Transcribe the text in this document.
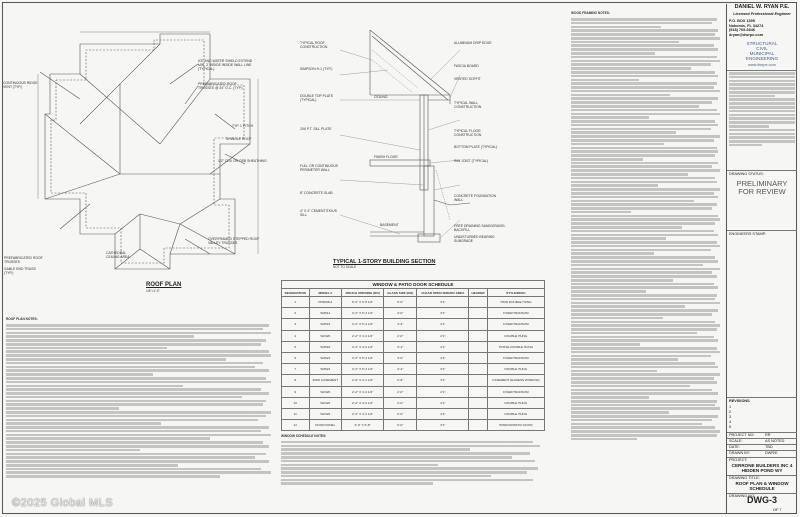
CONTINUOUS RIDGE VENT (TYP.)
ICE AND WATER SHIELD EXTEND MIN. 2' INSIDE INSIDE WALL LINE (TYPICAL)
PREFABRICATED ROOF TRUSSES @ 24" O.C. (TYP.)
TYP. 1 PITCH
SHINGLE ROOF
PREFABRICATED ROOF TRUSSES
GABLE END TRUSS (TYP.)
CATHEDRAL CEILING AREA
OVERFRAMED STEPPED ROOF VALLEY TRUSSES
1/2" CDX OR OSB SHEATHING
ROOF PLAN
1/8"=1'-0"
ROOF PLAN NOTES:
TYPICAL ROOF CONSTRUCTION
SIMPSON H-1 (TYP.)
DOUBLE TOP PLATE (TYPICAL)
2X6 P.T. SILL PLATE
FULL OR CONTINUOUS PERIMETER WALL
8" CONCRETE SLAB
4" X 4" CEMENTITIOUS SILL
ALUMINUM DRIP EDGE
FASCIA BOARD
VENTED SOFFIT
TYPICAL WALL CONSTRUCTION
TYPICAL FLOOR CONSTRUCTION
BOTTOM PLATE (TYPICAL)
RIM JOIST (TYPICAL)
CONCRETE FOUNDATION WALL
FREE DRAINING SAND/GRAVEL BACKFILL
UNDISTURBED BEARING SUBGRADE
CEILING
FINISH FLOOR
BASEMENT
TYPICAL 1-STORY BUILDING SECTION
NOT TO SCALE
WINDOW & PATIO DOOR SCHEDULE
DESIGNATION	MODEL #	ROUGH OPENING (RO)	GLASS SIZE (RO)	CLEAR OPEN SIZE/RO AREA	HEADER	STYLE/DESC
1	PD6068-2	6'-2" X 6'-8 1/2"	6'-0"	3'1"		TWIN DOUBLE HUNG
2	W3614	3'-2" X 5'-2 1/2"	3'-0"	3'1"		FIXED/TRANSOM
3	W3616	3'-2" X 5'-2 1/2"	3'-2"	2'1"		FIXED/TRANSOM
4	W2426	2'-2" X 4'-2 1/2"	2'-0"	2'1"		DOUBLE HUNG
5	W3616	3'-2" X 4'-2 1/2"	3'-1"	2'1"		TRIPLE DOUBLE HUNG
6	W3624	3'-2" X 5'-2 1/2"	3'-0"	2'1"		FIXED/TRANSOM
7	W3624	3'-2" X 5'-2 1/2"	3'-2"	2'1"		DOUBLE HUNG
8	2WW CASEMENT	2'-6" X 4'-1 1/2"	2'-6"	3'1"		CASEMENT (EGRESS WINDOW)
9	W2426	2'-2" X 4'-2 1/2"	2'-0"	2'1"		FIXED/TRANSOM
10	W2426	2'-2" X 4'-2 1/2"	2'-0"	2'1"		DOUBLE HUNG
11	W2426	2'-2" X 4'-2 1/2"	2'-0"	2'1"		DOUBLE HUNG
12	DOOR PANEL	6'-0" X 6'-8"	6'-0"	3'1"		WINDOW/PATIO DOOR
WINDOW SCHEDULE NOTES:
WOOD FRAMING NOTES:
DANIEL W. RYAN P.E.
Licensed Professional Engineer
P.O. BOX 1395
Nokomis, FL 34274
(518) 769-6846
dryan@dwrpe.com
STRUCTURAL
CIVIL
MUNICIPAL
ENGINEERING
www.dwrpe.com
DRAWING STATUS:
PRELIMINARY FOR REVIEW
ENGINEERS STAMP:
REVISIONS
1
2
3
4
5
PROJECT NO:	RR
SCALE:	AS NOTED
DATE:	TBD
DRAWN BY:	DWR/E
PROJECT:
CERRONE BUILDERS INC 4 HIDDEN POND WY
DRAWING TITLE:
ROOF PLAN & WINDOW SCHEDULE
DRAWING NO:
DWG-3
OF 7
©2025 Global MLS
